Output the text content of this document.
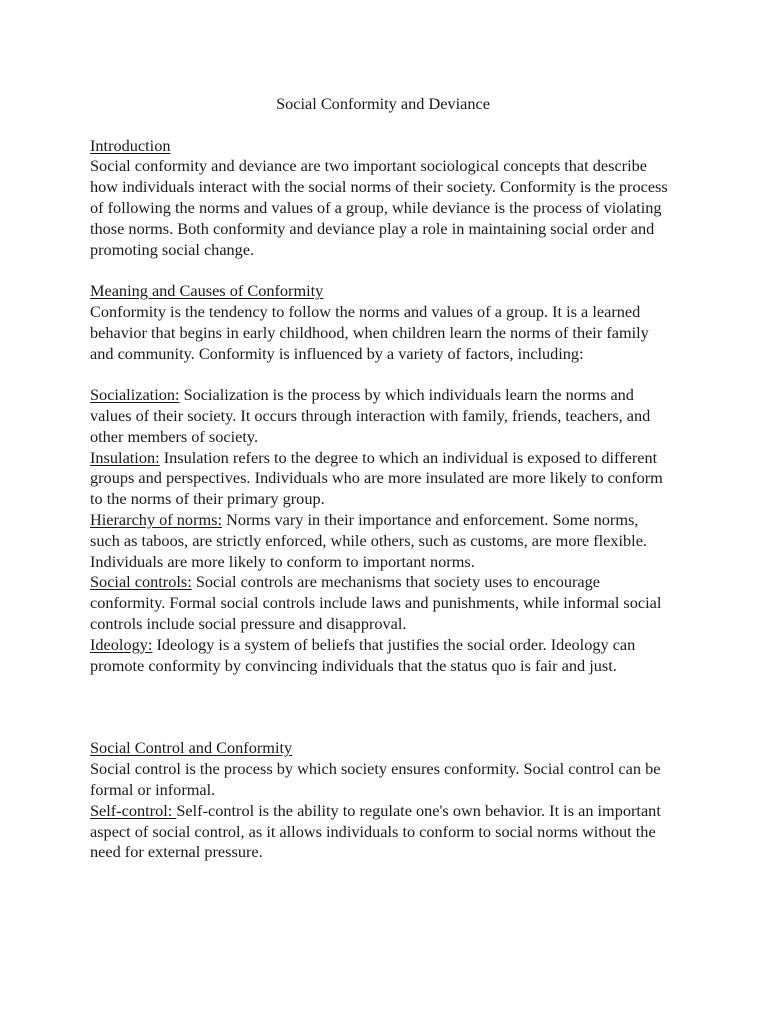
Social Conformity and Deviance

Introduction

Social conformity and deviance are two important sociological concepts that describe how individuals interact with the social norms of their society. Conformity is the process of following the norms and values of a group, while deviance is the process of violating those norms. Both conformity and deviance play a role in maintaining social order and promoting social change.

Meaning and Causes of Conformity

Conformity is the tendency to follow the norms and values of a group. It is a learned behavior that begins in early childhood, when children learn the norms of their family and community. Conformity is influenced by a variety of factors, including:

Socialization: Socialization is the process by which individuals learn the norms and values of their society. It occurs through interaction with family, friends, teachers, and other members of society.

Insulation: Insulation refers to the degree to which an individual is exposed to different groups and perspectives. Individuals who are more insulated are more likely to conform to the norms of their primary group.

Hierarchy of norms: Norms vary in their importance and enforcement. Some norms, such as taboos, are strictly enforced, while others, such as customs, are more flexible. Individuals are more likely to conform to important norms.

Social controls: Social controls are mechanisms that society uses to encourage conformity. Formal social controls include laws and punishments, while informal social controls include social pressure and disapproval.

Ideology: Ideology is a system of beliefs that justifies the social order. Ideology can promote conformity by convincing individuals that the status quo is fair and just.

Social Control and Conformity

Social control is the process by which society ensures conformity. Social control can be formal or informal.

Self-control: Self-control is the ability to regulate one's own behavior. It is an important aspect of social control, as it allows individuals to conform to social norms without the need for external pressure.
